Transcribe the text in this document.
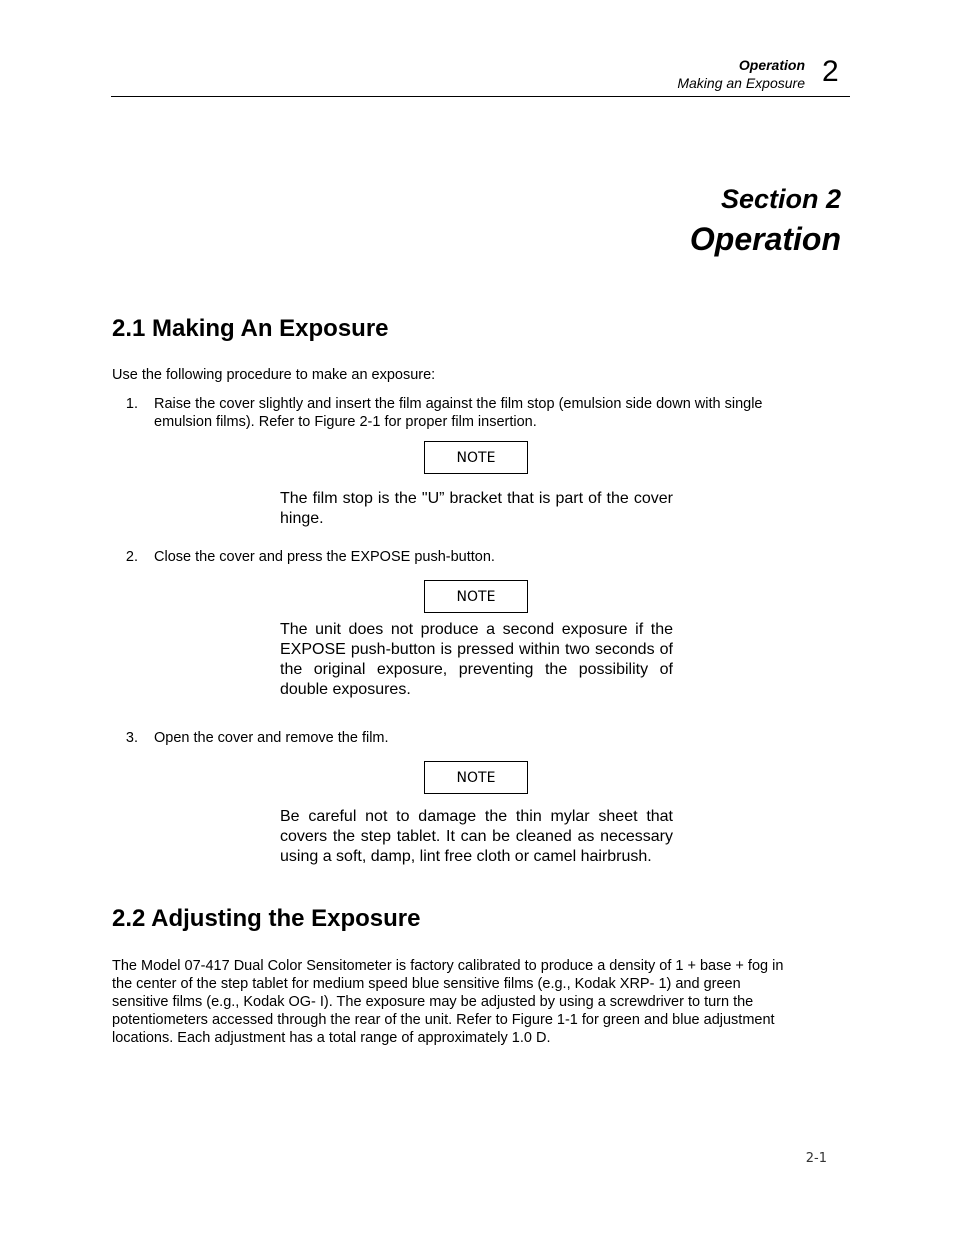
Operation
Making an Exposure 2
Section 2
Operation
2.1 Making An Exposure
Use the following procedure to make an exposure:
1. Raise the cover slightly and insert the film against the film stop (emulsion side down with single
emulsion films). Refer to Figure 2-1 for proper film insertion.
NOTE
The film stop is the "U” bracket that is part of the cover hinge.
2. Close the cover and press the EXPOSE push-button.
NOTE
The unit does not produce a second exposure if the EXPOSE push-button is pressed within two seconds of the original exposure, preventing the possibility of double exposures.
3. Open the cover and remove the film.
NOTE
Be careful not to damage the thin mylar sheet that covers the step tablet. It can be cleaned as necessary using a soft, damp, lint free cloth or camel hairbrush.
2.2 Adjusting the Exposure
The Model 07-417 Dual Color Sensitometer is factory calibrated to produce a density of 1 + base + fog in
the center of the step tablet for medium speed blue sensitive films (e.g., Kodak XRP- 1) and green
sensitive films (e.g., Kodak OG- I). The exposure may be adjusted by using a screwdriver to turn the
potentiometers accessed through the rear of the unit. Refer to Figure 1-1 for green and blue adjustment
locations. Each adjustment has a total range of approximately 1.0 D.
2-1
